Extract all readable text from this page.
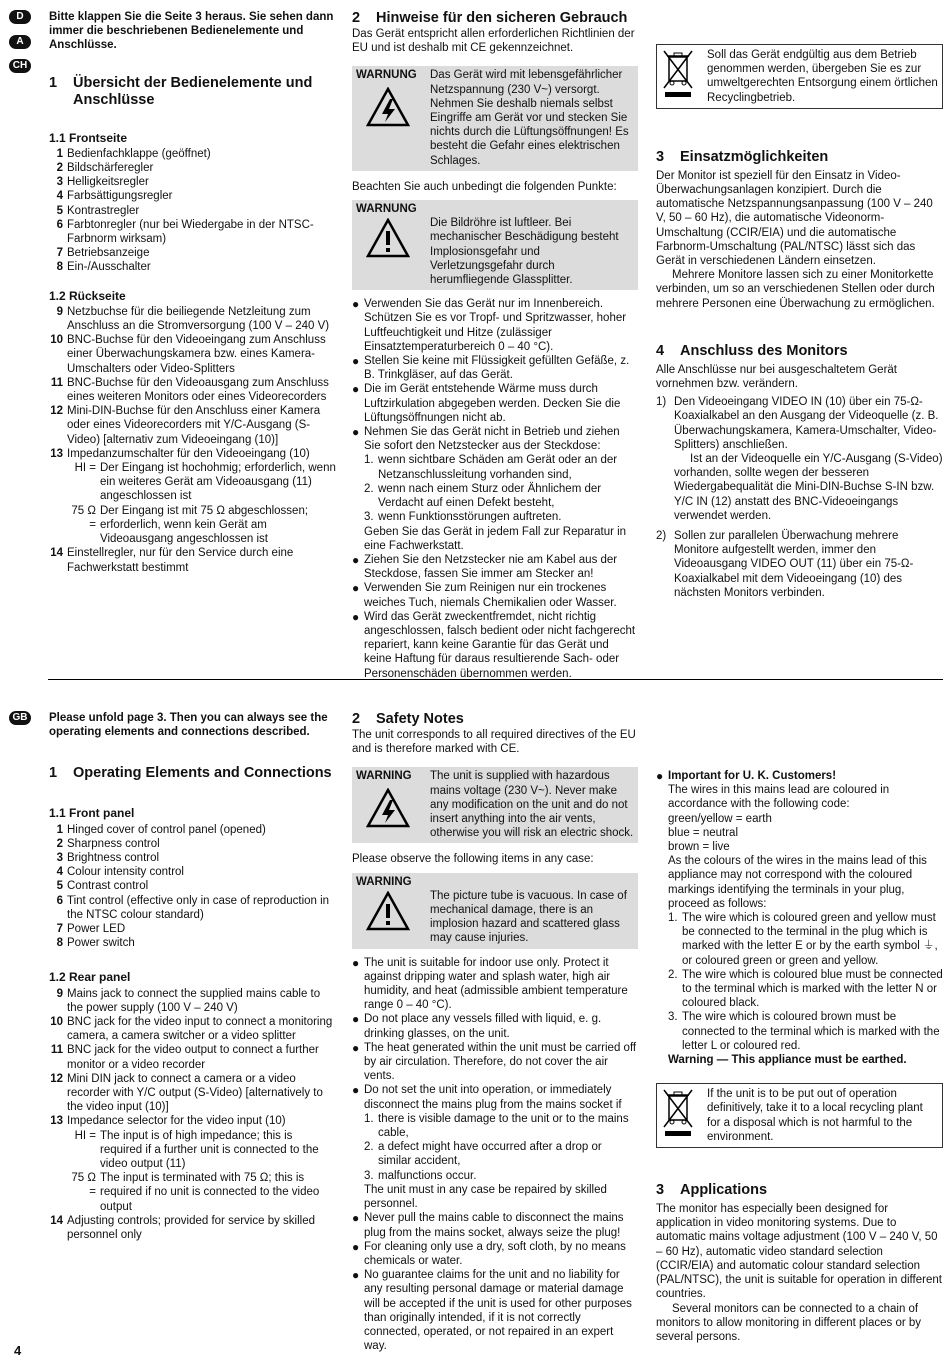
D
A
CH
GB

Bitte klappen Sie die Seite 3 heraus. Sie sehen dann immer die beschriebenen Bedienelemente und Anschlüsse.

1	Übersicht der Bedienelemente und Anschlüsse

1.1 Frontseite

1 Bedienfachklappe (geöffnet)
2 Bildschärferegler
3 Helligkeitsregler
4 Farbsättigungsregler
5 Kontrastregler
6 Farbtonregler (nur bei Wiedergabe in der NTSC-Farbnorm wirksam)
7 Betriebsanzeige
8 Ein-/Ausschalter

1.2 Rückseite

9 Netzbuchse für die beiliegende Netzleitung zum Anschluss an die Stromversorgung (100 V – 240 V)
10 BNC-Buchse für den Videoeingang zum Anschluss einer Überwachungskamera bzw. eines Kamera-Umschalters oder Video-Splitters
11 BNC-Buchse für den Videoausgang zum Anschluss eines weiteren Monitors oder eines Videorecorders
12 Mini-DIN-Buchse für den Anschluss einer Kamera oder eines Videorecorders mit Y/C-Ausgang (S-Video) [alternativ zum Videoeingang (10)]
13 Impedanzumschalter für den Videoeingang (10)
HI = Der Eingang ist hochohmig; erforderlich, wenn ein weiteres Gerät am Videoausgang (11) angeschlossen ist
75 Ω =
Der Eingang ist mit 75 Ω abgeschlossen; erforderlich, wenn kein Gerät am Videoausgang angeschlossen ist
14 Einstellregler, nur für den Service durch eine Fachwerkstatt bestimmt
2	Hinweise für den sicheren Gebrauch

Das Gerät entspricht allen erforderlichen Richtlinien der EU und ist deshalb mit CE gekennzeichnet.

WARNUNG	Das Gerät wird mit lebensgefährlicher Netzspannung (230 V~) versorgt. Nehmen Sie deshalb niemals selbst Eingriffe am Gerät vor und stecken Sie nichts durch die Lüftungsöffnungen! Es besteht die Gefahr eines elektrischen Schlages.

Beachten Sie auch unbedingt die folgenden Punkte:

WARNUNG
Die Bildröhre ist luftleer. Bei mechanischer Beschädigung besteht Implosionsgefahr und Verletzungsgefahr durch herumfliegende Glassplitter.
● Verwenden Sie das Gerät nur im Innenbereich. Schützen Sie es vor Tropf- und Spritzwasser, hoher Luftfeuchtigkeit und Hitze (zulässiger Einsatztemperaturbereich 0 – 40 °C).
● Stellen Sie keine mit Flüssigkeit gefüllten Gefäße, z. B. Trinkgläser, auf das Gerät.
● Die im Gerät entstehende Wärme muss durch Luftzirkulation abgegeben werden. Decken Sie die Lüftungsöffnungen nicht ab.
● Nehmen Sie das Gerät nicht in Betrieb und ziehen Sie sofort den Netzstecker aus der Steckdose:
1. wenn sichtbare Schäden am Gerät oder an der Netzanschlussleitung vorhanden sind,
2. wenn nach einem Sturz oder Ähnlichem der Verdacht auf einen Defekt besteht,
3. wenn Funktionsstörungen auftreten.

Geben Sie das Gerät in jedem Fall zur Reparatur in eine Fachwerkstatt.

● Ziehen Sie den Netzstecker nie am Kabel aus der Steckdose, fassen Sie immer am Stecker an!
● Verwenden Sie zum Reinigen nur ein trockenes weiches Tuch, niemals Chemikalien oder Wasser.
● Wird das Gerät zweckentfremdet, nicht richtig angeschlossen, falsch bedient oder nicht fachgerecht repariert, kann keine Garantie für das Gerät und keine Haftung für daraus resultierende Sach- oder Personenschäden übernommen werden.
Soll das Gerät endgültig aus dem Betrieb genommen werden, übergeben Sie es zur umweltgerechten Entsorgung einem örtlichen Recyclingbetrieb.
3	Einsatzmöglichkeiten

Der Monitor ist speziell für den Einsatz in Video-Überwachungsanlagen konzipiert. Durch die automatische Netzspannungsanpassung (100 V – 240 V, 50 – 60 Hz), die automatische Videonorm-Umschaltung (CCIR/EIA) und die automatische Farbnorm-Umschaltung (PAL/NTSC) lässt sich das Gerät in verschiedenen Ländern einsetzen.

Mehrere Monitore lassen sich zu einer Monitorkette verbinden, um so an verschiedenen Stellen oder durch mehrere Personen eine Überwachung zu ermöglichen.

4	Anschluss des Monitors

Alle Anschlüsse nur bei ausgeschaltetem Gerät vornehmen bzw. verändern.

1) Den Videoeingang VIDEO IN (10) über ein 75-Ω-Koaxialkabel an den Ausgang der Videoquelle (z. B. Überwachungskamera, Kamera-Umschalter, Video-Splitters) anschließen.

Ist an der Videoquelle ein Y/C-Ausgang (S-Video) vorhanden, sollte wegen der besseren Wiedergabequalität die Mini-DIN-Buchse S-IN bzw. Y/C IN (12) anstatt des BNC-Videoeingangs verwendet werden.

2) Sollen zur parallelen Überwachung mehrere Monitore aufgestellt werden, immer den Videoausgang VIDEO OUT (11) über ein 75-Ω-Koaxialkabel mit dem Videoeingang (10) des nächsten Monitors verbinden.

Please unfold page 3. Then you can always see the operating elements and connections described.

1	Operating Elements and Connections

1.1 Front panel

1 Hinged cover of control panel (opened)
2 Sharpness control
3 Brightness control
4 Colour intensity control
5 Contrast control
6 Tint control (effective only in case of reproduction in the NTSC colour standard)
7 Power LED
8 Power switch

1.2 Rear panel

9 Mains jack to connect the supplied mains cable to the power supply (100 V – 240 V)
10 BNC jack for the video input to connect a monitoring camera, a camera switcher or a video splitter
11 BNC jack for the video output to connect a further monitor or a video recorder
12 Mini DIN jack to connect a camera or a video recorder with Y/C output (S-Video) [alternatively to the video input (10)]
13 Impedance selector for the video input (10)
HI = The input is of high impedance; this is required if a further unit is connected to the video output (11)
75 Ω =
The input is terminated with 75 Ω; this is required if no unit is connected to the video output
14 Adjusting controls; provided for service by skilled personnel only
2	Safety Notes

The unit corresponds to all required directives of the EU and is therefore marked with CE.

WARNING	The unit is supplied with hazardous mains voltage (230 V~). Never make any modification on the unit and do not insert anything into the air vents, otherwise you will risk an electric shock.

Please observe the following items in any case:

WARNING
The picture tube is vacuous. In case of mechanical damage, there is an implosion hazard and scattered glass may cause injuries.
● The unit is suitable for indoor use only. Protect it against dripping water and splash water, high air humidity, and heat (admissible ambient temperature range 0 – 40 °C).
● Do not place any vessels filled with liquid, e. g. drinking glasses, on the unit.
● The heat generated within the unit must be carried off by air circulation. Therefore, do not cover the air vents.
● Do not set the unit into operation, or immediately disconnect the mains plug from the mains socket if
1. there is visible damage to the unit or to the mains cable,
2. a defect might have occurred after a drop or similar accident,
3. malfunctions occur.

The unit must in any case be repaired by skilled personnel.

● Never pull the mains cable to disconnect the mains plug from the mains socket, always seize the plug!
● For cleaning only use a dry, soft cloth, by no means chemicals or water.
● No guarantee claims for the unit and no liability for any resulting personal damage or material damage will be accepted if the unit is used for other purposes than originally intended, if it is not correctly connected, operated, or not repaired in an expert way.
● Important for U. K. Customers!

The wires in this mains lead are coloured in accordance with the following code:

green/yellow = earth
blue = neutral
brown = live

As the colours of the wires in the mains lead of this appliance may not correspond with the coloured markings identifying the terminals in your plug, proceed as follows:

1. The wire which is coloured green and yellow must be connected to the terminal in the plug which is marked with the letter E or by the earth symbol ⏚, or coloured green or green and yellow.
2. The wire which is coloured blue must be connected to the terminal which is marked with the letter N or coloured black.
3. The wire which is coloured brown must be connected to the terminal which is marked with the letter L or coloured red.

Warning — This appliance must be earthed.

If the unit is to be put out of operation definitively, take it to a local recycling plant for a disposal which is not harmful to the environment.
3	Applications

The monitor has especially been designed for application in video monitoring systems. Due to automatic mains voltage adjustment (100 V – 240 V, 50 – 60 Hz), automatic video standard selection (CCIR/EIA) and automatic colour standard selection (PAL/NTSC), the unit is suitable for operation in different countries.

Several monitors can be connected to a chain of monitors to allow monitoring in different places or by several persons.

4
